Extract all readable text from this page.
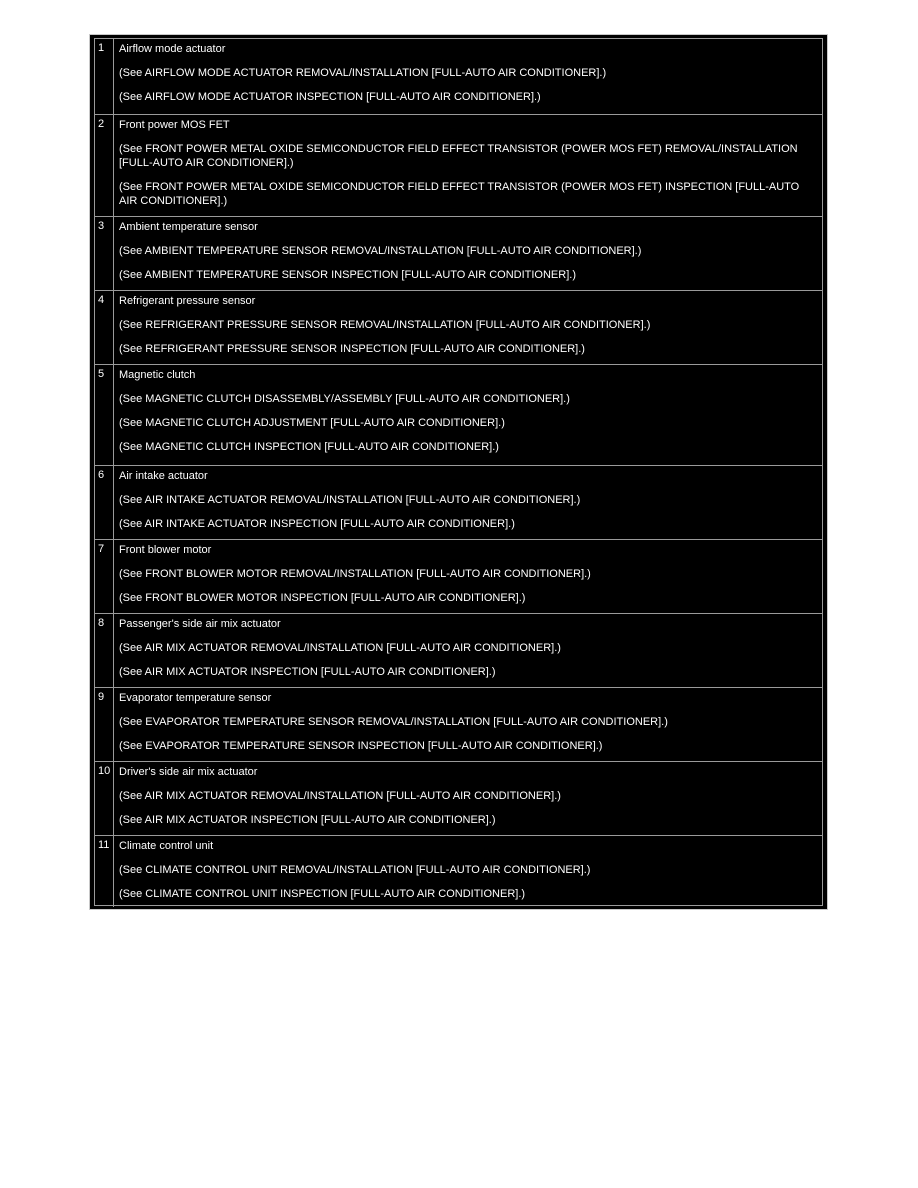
1	Airflow mode actuator
(See AIRFLOW MODE ACTUATOR REMOVAL/INSTALLATION [FULL-AUTO AIR CONDITIONER].)
(See AIRFLOW MODE ACTUATOR INSPECTION [FULL-AUTO AIR CONDITIONER].)
2	Front power MOS FET
(See FRONT POWER METAL OXIDE SEMICONDUCTOR FIELD EFFECT TRANSISTOR (POWER MOS FET) REMOVAL/INSTALLATION [FULL-AUTO AIR CONDITIONER].)
(See FRONT POWER METAL OXIDE SEMICONDUCTOR FIELD EFFECT TRANSISTOR (POWER MOS FET) INSPECTION [FULL-AUTO AIR CONDITIONER].)
3	Ambient temperature sensor
(See AMBIENT TEMPERATURE SENSOR REMOVAL/INSTALLATION [FULL-AUTO AIR CONDITIONER].)
(See AMBIENT TEMPERATURE SENSOR INSPECTION [FULL-AUTO AIR CONDITIONER].)
4	Refrigerant pressure sensor
(See REFRIGERANT PRESSURE SENSOR REMOVAL/INSTALLATION [FULL-AUTO AIR CONDITIONER].)
(See REFRIGERANT PRESSURE SENSOR INSPECTION [FULL-AUTO AIR CONDITIONER].)
5	Magnetic clutch
(See MAGNETIC CLUTCH DISASSEMBLY/ASSEMBLY [FULL-AUTO AIR CONDITIONER].)
(See MAGNETIC CLUTCH ADJUSTMENT [FULL-AUTO AIR CONDITIONER].)
(See MAGNETIC CLUTCH INSPECTION [FULL-AUTO AIR CONDITIONER].)
6	Air intake actuator
(See AIR INTAKE ACTUATOR REMOVAL/INSTALLATION [FULL-AUTO AIR CONDITIONER].)
(See AIR INTAKE ACTUATOR INSPECTION [FULL-AUTO AIR CONDITIONER].)
7	Front blower motor
(See FRONT BLOWER MOTOR REMOVAL/INSTALLATION [FULL-AUTO AIR CONDITIONER].)
(See FRONT BLOWER MOTOR INSPECTION [FULL-AUTO AIR CONDITIONER].)
8	Passenger's side air mix actuator
(See AIR MIX ACTUATOR REMOVAL/INSTALLATION [FULL-AUTO AIR CONDITIONER].)
(See AIR MIX ACTUATOR INSPECTION [FULL-AUTO AIR CONDITIONER].)
9	Evaporator temperature sensor
(See EVAPORATOR TEMPERATURE SENSOR REMOVAL/INSTALLATION [FULL-AUTO AIR CONDITIONER].)
(See EVAPORATOR TEMPERATURE SENSOR INSPECTION [FULL-AUTO AIR CONDITIONER].)
10 Driver's side air mix actuator
(See AIR MIX ACTUATOR REMOVAL/INSTALLATION [FULL-AUTO AIR CONDITIONER].)
(See AIR MIX ACTUATOR INSPECTION [FULL-AUTO AIR CONDITIONER].)
11 Climate control unit
(See CLIMATE CONTROL UNIT REMOVAL/INSTALLATION [FULL-AUTO AIR CONDITIONER].)
(See CLIMATE CONTROL UNIT INSPECTION [FULL-AUTO AIR CONDITIONER].)
